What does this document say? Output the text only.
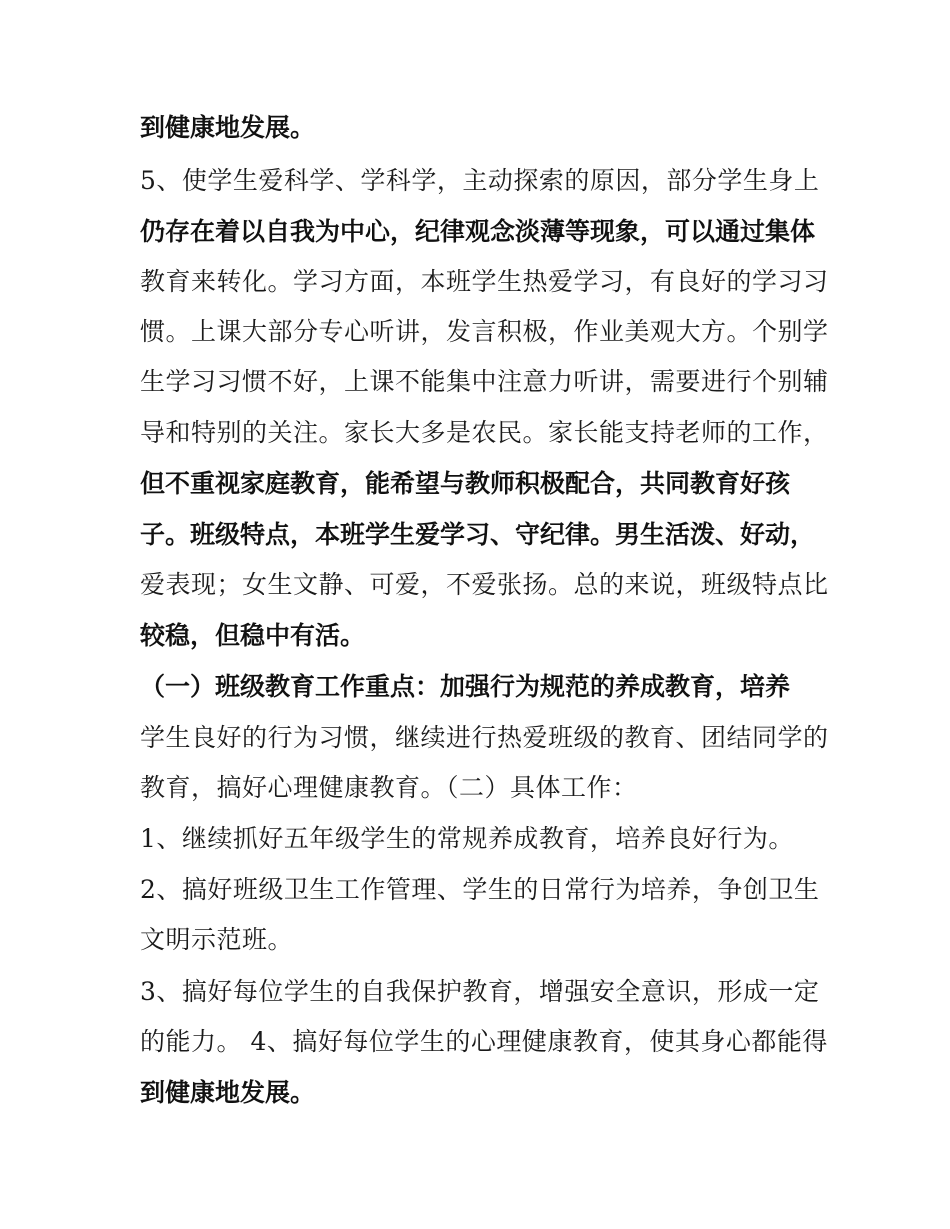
到健康地发展。
5、使学生爱科学、学科学，主动探索的原因，部分学生身上
仍存在着以自我为中心，纪律观念淡薄等现象，可以通过集体
教育来转化。学习方面，本班学生热爱学习，有良好的学习习
惯。上课大部分专心听讲，发言积极，作业美观大方。个别学
生学习习惯不好，上课不能集中注意力听讲，需要进行个别辅
导和特别的关注。家长大多是农民。家长能支持老师的工作，
但不重视家庭教育，能希望与教师积极配合，共同教育好孩
子。班级特点，本班学生爱学习、守纪律。男生活泼、好动，
爱表现；女生文静、可爱，不爱张扬。总的来说，班级特点比
较稳，但稳中有活。
（一）班级教育工作重点：加强行为规范的养成教育，培养
学生良好的行为习惯，继续进行热爱班级的教育、团结同学的
教育，搞好心理健康教育。（二）具体工作：
1、继续抓好五年级学生的常规养成教育，培养良好行为。
2、搞好班级卫生工作管理、学生的日常行为培养，争创卫生
文明示范班。
3、搞好每位学生的自我保护教育，增强安全意识，形成一定
的能力。 4、搞好每位学生的心理健康教育，使其身心都能得
到健康地发展。
